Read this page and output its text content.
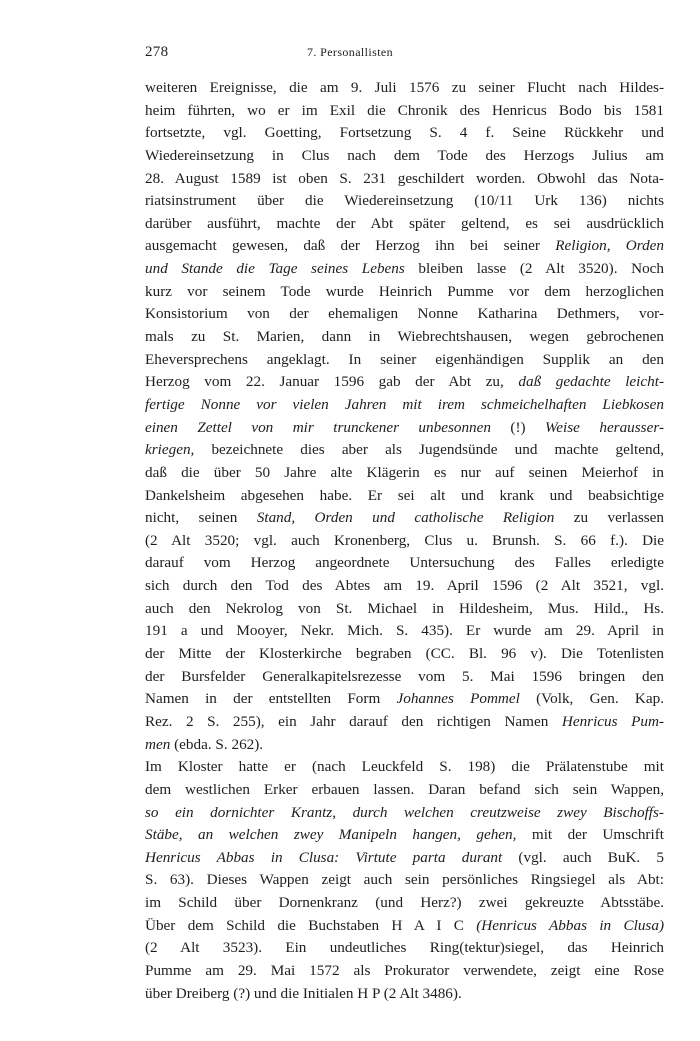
278	7. Personallisten
weiteren Ereignisse, die am 9. Juli 1576 zu seiner Flucht nach Hildes-
heim führten, wo er im Exil die Chronik des Henricus Bodo bis 1581
fortsetzte, vgl. Goetting, Fortsetzung S. 4 f. Seine Rückkehr und
Wiedereinsetzung in Clus nach dem Tode des Herzogs Julius am
28. August 1589 ist oben S. 231 geschildert worden. Obwohl das Nota-
riatsinstrument über die Wiedereinsetzung (10/11 Urk 136) nichts
darüber ausführt, machte der Abt später geltend, es sei ausdrücklich
ausgemacht gewesen, daß der Herzog ihn bei seiner Religion, Orden
und Stande die Tage seines Lebens bleiben lasse (2 Alt 3520). Noch
kurz vor seinem Tode wurde Heinrich Pumme vor dem herzoglichen
Konsistorium von der ehemaligen Nonne Katharina Dethmers, vor-
mals zu St. Marien, dann in Wiebrechtshausen, wegen gebrochenen
Eheversprechens angeklagt. In seiner eigenhändigen Supplik an den
Herzog vom 22. Januar 1596 gab der Abt zu, daß gedachte leicht-
fertige Nonne vor vielen Jahren mit irem schmeichelhaften Liebkosen
einen Zettel von mir trunckener unbesonnen (!) Weise heraussеr-
kriegen, bezeichnete dies aber als Jugendsünde und machte geltend,
daß die über 50 Jahre alte Klägerin es nur auf seinen Meierhof in
Dankelsheim abgesehen habe. Er sei alt und krank und beabsichtige
nicht, seinen Stand, Orden und catholische Religion zu verlassen
(2 Alt 3520; vgl. auch Kronenberg, Clus u. Brunsh. S. 66 f.). Die
darauf vom Herzog angeordnete Untersuchung des Falles erledigte
sich durch den Tod des Abtes am 19. April 1596 (2 Alt 3521, vgl.
auch den Nekrolog von St. Michael in Hildesheim, Mus. Hild., Hs.
191 a und Mooyer, Nekr. Mich. S. 435). Er wurde am 29. April in
der Mitte der Klosterkirche begraben (CC. Bl. 96 v). Die Totenlisten
der Bursfelder Generalkapitelsrezesse vom 5. Mai 1596 bringen den
Namen in der entstellten Form Johannes Pommel (Volk, Gen. Kap.
Rez. 2 S. 255), ein Jahr darauf den richtigen Namen Henricus Pum-
men (ebda. S. 262).
Im Kloster hatte er (nach Leuckfeld S. 198) die Prälatenstube mit
dem westlichen Erker erbauen lassen. Daran befand sich sein Wappen,
so ein dornichter Krantz, durch welchen creutzweise zwey Bischoffs-
Stäbe, an welchen zwey Manipeln hangen, gehen, mit der Umschrift
Henricus Abbas in Clusa: Virtute parta durant (vgl. auch BuK. 5
S. 63). Dieses Wappen zeigt auch sein persönliches Ringsiegel als Abt:
im Schild über Dornenkranz (und Herz?) zwei gekreuzte Abtsstäbe.
Über dem Schild die Buchstaben H A I C (Henricus Abbas in Clusa)
(2 Alt 3523). Ein undeutliches Ring(tektur)siegel, das Heinrich
Pumme am 29. Mai 1572 als Prokurator verwendete, zeigt eine Rose
über Dreiberg (?) und die Initialen H P (2 Alt 3486).
